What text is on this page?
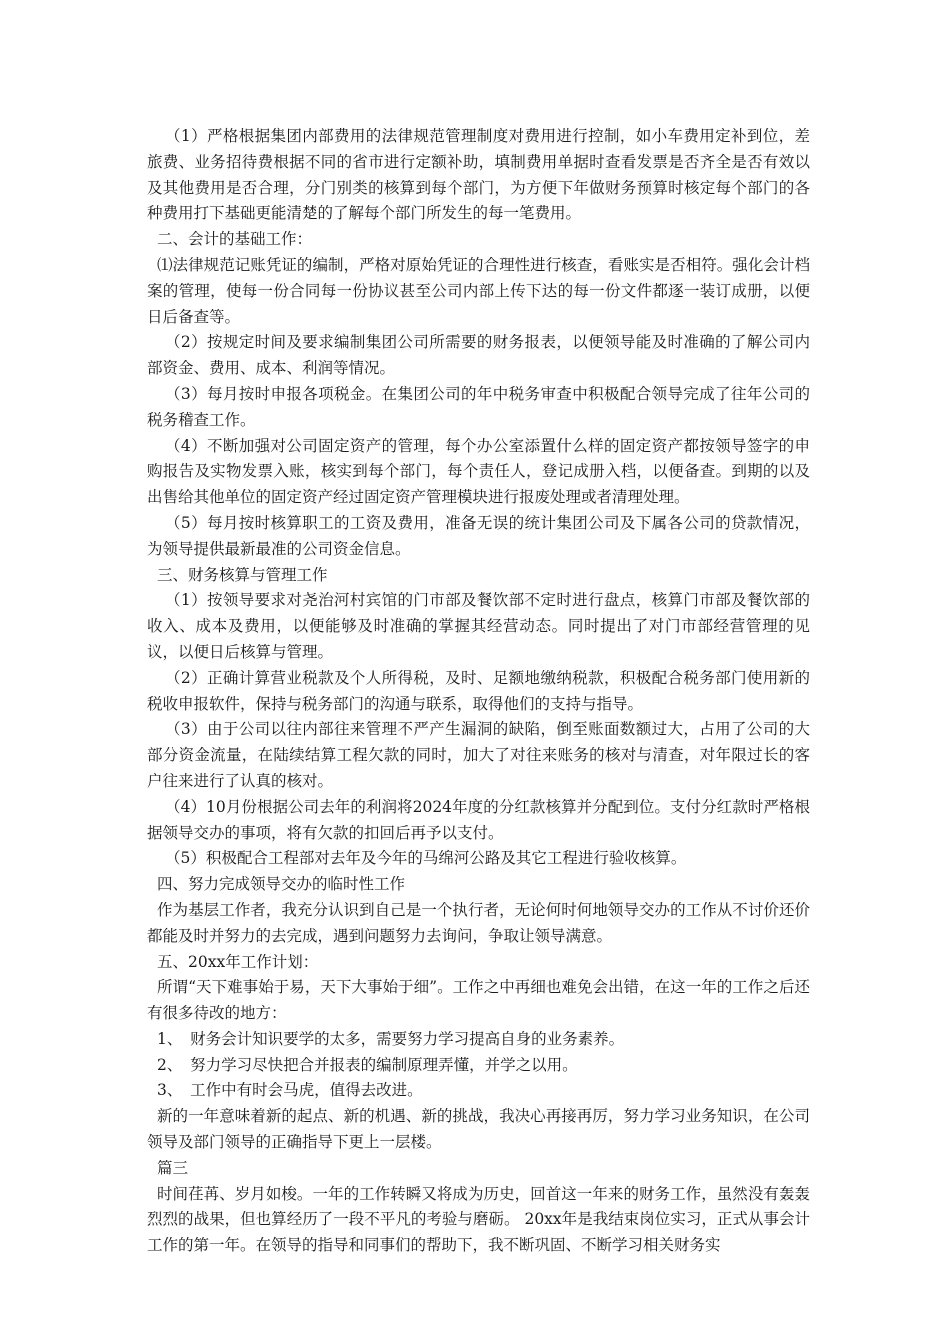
（1）严格根据集团内部费用的法律规范管理制度对费用进行控制，如小车费用定补到位，差旅费、业务招待费根据不同的省市进行定额补助，填制费用单据时查看发票是否齐全是否有效以及其他费用是否合理，分门别类的核算到每个部门，为方便下年做财务预算时核定每个部门的各种费用打下基础更能清楚的了解每个部门所发生的每一笔费用。

二、会计的基础工作：

⑴法律规范记账凭证的编制，严格对原始凭证的合理性进行核查，看账实是否相符。强化会计档案的管理，使每一份合同每一份协议甚至公司内部上传下达的每一份文件都逐一装订成册，以便日后备查等。

（2）按规定时间及要求编制集团公司所需要的财务报表，以便领导能及时准确的了解公司内部资金、费用、成本、利润等情况。

（3）每月按时申报各项税金。在集团公司的年中税务审查中积极配合领导完成了往年公司的税务稽查工作。

（4）不断加强对公司固定资产的管理，每个办公室添置什么样的固定资产都按领导签字的申购报告及实物发票入账，核实到每个部门，每个责任人，登记成册入档，以便备查。到期的以及出售给其他单位的固定资产经过固定资产管理模块进行报废处理或者清理处理。

（5）每月按时核算职工的工资及费用，准备无误的统计集团公司及下属各公司的贷款情况，为领导提供最新最准的公司资金信息。

三、财务核算与管理工作

（1）按领导要求对尧治河村宾馆的门市部及餐饮部不定时进行盘点，核算门市部及餐饮部的收入、成本及费用，以便能够及时准确的掌握其经营动态。同时提出了对门市部经营管理的见议，以便日后核算与管理。

（2）正确计算营业税款及个人所得税，及时、足额地缴纳税款，积极配合税务部门使用新的税收申报软件，保持与税务部门的沟通与联系，取得他们的支持与指导。

（3）由于公司以往内部往来管理不严产生漏洞的缺陷，倒至账面数额过大，占用了公司的大部分资金流量，在陆续结算工程欠款的同时，加大了对往来账务的核对与清查，对年限过长的客户往来进行了认真的核对。

（4）10月份根据公司去年的利润将2024年度的分红款核算并分配到位。支付分红款时严格根据领导交办的事项，将有欠款的扣回后再予以支付。

（5）积极配合工程部对去年及今年的马绵河公路及其它工程进行验收核算。

四、努力完成领导交办的临时性工作

作为基层工作者，我充分认识到自己是一个执行者，无论何时何地领导交办的工作从不讨价还价都能及时并努力的去完成，遇到问题努力去询问，争取让领导满意。

五、20xx年工作计划：

所谓“天下难事始于易，天下大事始于细”。工作之中再细也难免会出错，在这一年的工作之后还有很多待改的地方：

1、　财务会计知识要学的太多，需要努力学习提高自身的业务素养。

2、　努力学习尽快把合并报表的编制原理弄懂，并学之以用。

3、　工作中有时会马虎，值得去改进。

新的一年意味着新的起点、新的机遇、新的挑战，我决心再接再厉，努力学习业务知识，在公司领导及部门领导的正确指导下更上一层楼。

篇三

时间荏苒、岁月如梭。一年的工作转瞬又将成为历史，回首这一年来的财务工作，虽然没有轰轰烈烈的战果，但也算经历了一段不平凡的考验与磨砺。 20xx年是我结束岗位实习，正式从事会计工作的第一年。在领导的指导和同事们的帮助下，我不断巩固、不断学习相关财务实
